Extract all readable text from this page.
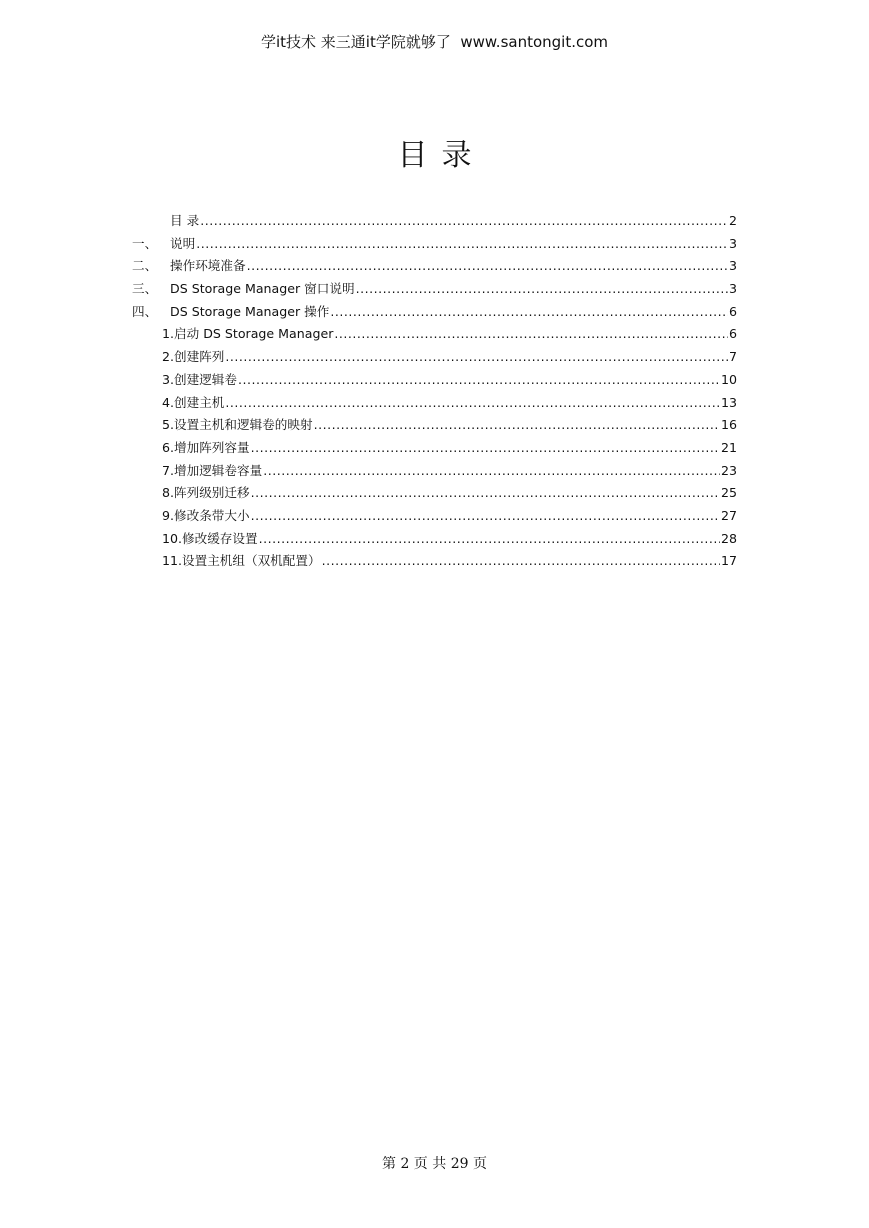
学it技术 来三通it学院就够了  www.santongit.com
目录
目 录 .....	2
一、	说明 .....	3
二、	操作环境准备 .....	3
三、	DS Storage Manager 窗口说明 .....	3
四、	DS Storage Manager 操作 .....	6
1.启动 DS Storage Manager .....	6
2.创建阵列 .....	7
3.创建逻辑卷 .....	10
4.创建主机 .....	13
5.设置主机和逻辑卷的映射 .....	16
6.增加阵列容量 .....	21
7.增加逻辑卷容量 .....	23
8.阵列级别迁移 .....	25
9.修改条带大小 .....	27
10.修改缓存设置 .....	28
11.设置主机组（双机配置） .....	17
第 2 页 共 29 页
